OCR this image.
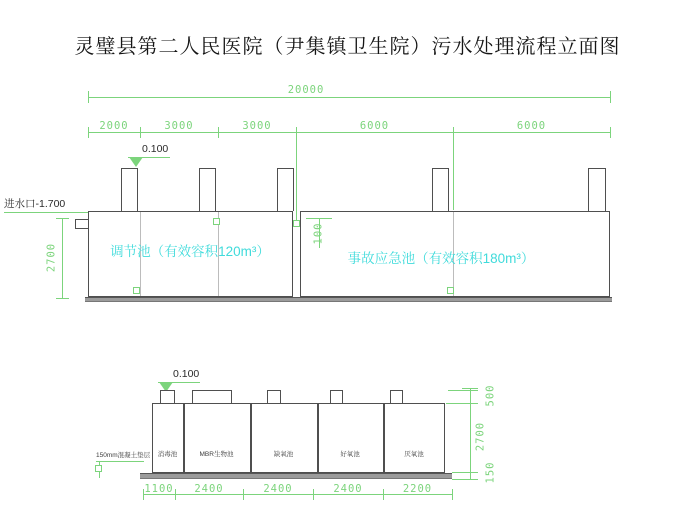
灵璧县第二人民医院（尹集镇卫生院）污水处理流程立面图
20000
2000	3000	3000	6000	6000
0.100
进水口-1.700
2700
100
调节池（有效容积120m³）	事故应急池（有效容积180m³）
0.100
消毒池	MBR生物池	缺氧池	好氧池	厌氧池
150mm混凝土垫层
500
2700
150
1100	2400	2400	2400	2200
